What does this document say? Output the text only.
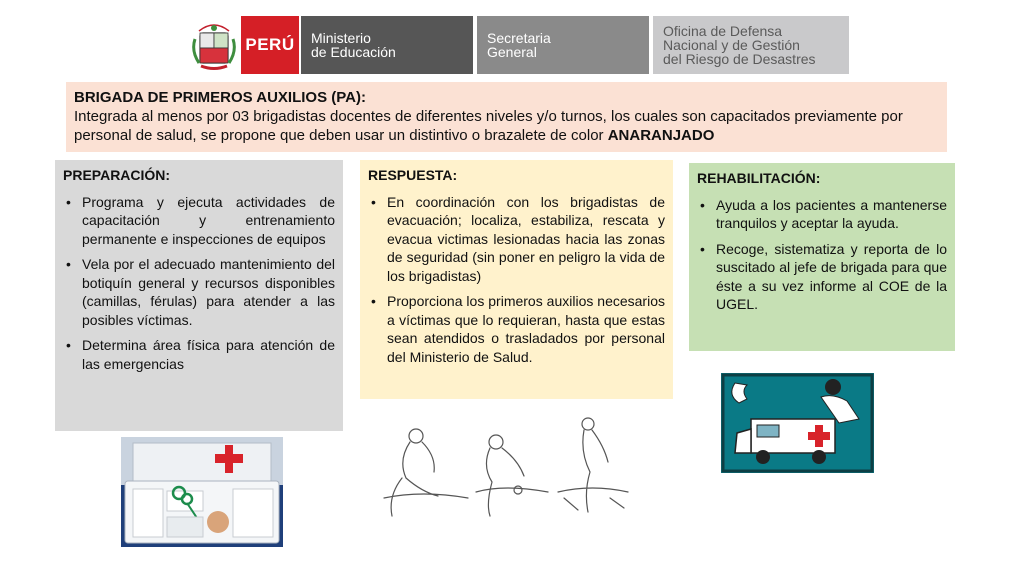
PERÚ	Ministerio
de Educación
Secretaria
General
Oficina de Defensa
Nacional y de Gestión
del Riesgo de Desastres
BRIGADA DE PRIMEROS AUXILIOS (PA):
Integrada al menos por 03 brigadistas docentes de diferentes niveles y/o turnos, los cuales son capacitados previamente por personal de salud, se propone que deben usar un distintivo o brazalete de color ANARANJADO
PREPARACIÓN:
• Programa y ejecuta actividades de capacitación y entrenamiento permanente e inspecciones de equipos
• Vela por el adecuado mantenimiento del botiquín general y recursos disponibles (camillas, férulas) para atender a las posibles víctimas.
• Determina área física para atención de las emergencias
RESPUESTA:
• En coordinación con los brigadistas de evacuación; localiza, estabiliza, rescata y evacua victimas lesionadas hacia las zonas de seguridad (sin poner en peligro la vida de los brigadistas)
• Proporciona los primeros auxilios necesarios a víctimas que lo requieran, hasta que estas sean atendidos o trasladados por personal del Ministerio de Salud.
REHABILITACIÓN:
• Ayuda a los pacientes a mantenerse tranquilos y aceptar la ayuda.
• Recoge, sistematiza y reporta de lo suscitado al jefe de brigada para que éste a su vez informe al COE de la UGEL.
